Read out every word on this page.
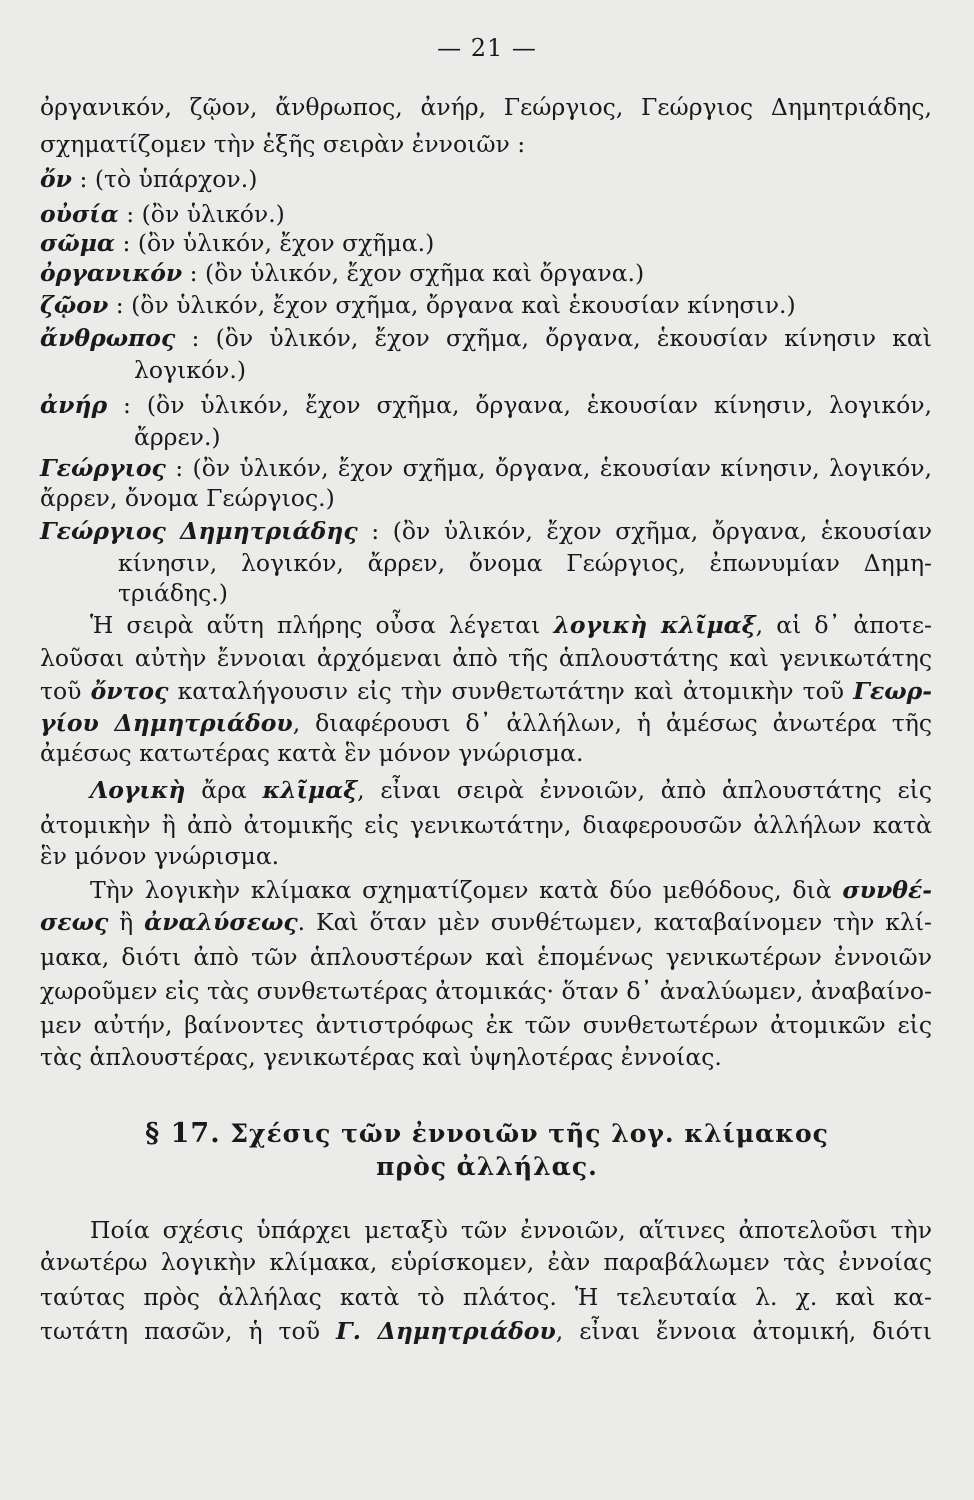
— 21 —
ὀργανικόν, ζῷον, ἄνθρωπος, ἀνήρ, Γεώργιος, Γεώργιος Δημητριάδης,
σχηματίζομεν τὴν ἑξῆς σειρὰν ἐννοιῶν :
ὄν : (τὸ ὑπάρχον.)
οὐσία : (ὂν ὑλικόν.)
σῶμα : (ὂν ὑλικόν, ἔχον σχῆμα.)
ὀργανικόν : (ὂν ὑλικόν, ἔχον σχῆμα καὶ ὄργανα.)
ζῷον : (ὂν ὑλικόν, ἔχον σχῆμα, ὄργανα καὶ ἑκουσίαν κίνησιν.)
ἄνθρωπος : (ὂν ὑλικόν, ἔχον σχῆμα, ὄργανα, ἑκουσίαν κίνησιν καὶ
λογικόν.)
ἀνήρ : (ὂν ὑλικόν, ἔχον σχῆμα, ὄργανα, ἑκουσίαν κίνησιν, λογικόν,
ἄρρεν.)
Γεώργιος : (ὂν ὑλικόν, ἔχον σχῆμα, ὄργανα, ἑκουσίαν κίνησιν, λογικόν,
ἄρρεν, ὄνομα Γεώργιος.)
Γεώργιος Δημητριάδης : (ὂν ὑλικόν, ἔχον σχῆμα, ὄργανα, ἑκουσίαν
κίνησιν, λογικόν, ἄρρεν, ὄνομα Γεώργιος, ἐπωνυμίαν Δημη-
τριάδης.)
Ἡ σειρὰ αὕτη πλήρης οὖσα λέγεται λογικὴ κλῖμαξ, αἱ δ᾽ ἀποτε-
λοῦσαι αὐτὴν ἔννοιαι ἀρχόμεναι ἀπὸ τῆς ἁπλουστάτης καὶ γενικωτάτης
τοῦ ὄντος καταλήγουσιν εἰς τὴν συνθετωτάτην καὶ ἀτομικὴν τοῦ Γεωρ-
γίου Δημητριάδου, διαφέρουσι δ᾽ ἀλλήλων, ἡ ἀμέσως ἀνωτέρα τῆς
ἀμέσως κατωτέρας κατὰ ἓν μόνον γνώρισμα.
Λογικὴ ἄρα κλῖμαξ, εἶναι σειρὰ ἐννοιῶν, ἀπὸ ἁπλουστάτης εἰς
ἀτομικὴν ἢ ἀπὸ ἀτομικῆς εἰς γενικωτάτην, διαφερουσῶν ἀλλήλων κατὰ
ἓν μόνον γνώρισμα.
Τὴν λογικὴν κλίμακα σχηματίζομεν κατὰ δύο μεθόδους, διὰ συνθέ-
σεως ἢ ἀναλύσεως. Καὶ ὅταν μὲν συνθέτωμεν, καταβαίνομεν τὴν κλί-
μακα, διότι ἀπὸ τῶν ἁπλουστέρων καὶ ἑπομένως γενικωτέρων ἐννοιῶν
χωροῦμεν εἰς τὰς συνθετωτέρας ἀτομικάς· ὅταν δ᾽ ἀναλύωμεν, ἀναβαίνο-
μεν αὐτήν, βαίνοντες ἀντιστρόφως ἐκ τῶν συνθετωτέρων ἀτομικῶν εἰς
τὰς ἁπλουστέρας, γενικωτέρας καὶ ὑψηλοτέρας ἐννοίας.
§ 17. Σχέσις τῶν ἐννοιῶν τῆς λογ. κλίμακος
πρὸς ἀλλήλας.
Ποία σχέσις ὑπάρχει μεταξὺ τῶν ἐννοιῶν, αἵτινες ἀποτελοῦσι τὴν
ἀνωτέρω λογικὴν κλίμακα, εὑρίσκομεν, ἐὰν παραβάλωμεν τὰς ἐννοίας
ταύτας πρὸς ἀλλήλας κατὰ τὸ πλάτος. Ἡ τελευταία λ. χ. καὶ κα-
τωτάτη πασῶν, ἡ τοῦ Γ. Δημητριάδου, εἶναι ἔννοια ἀτομική, διότι
